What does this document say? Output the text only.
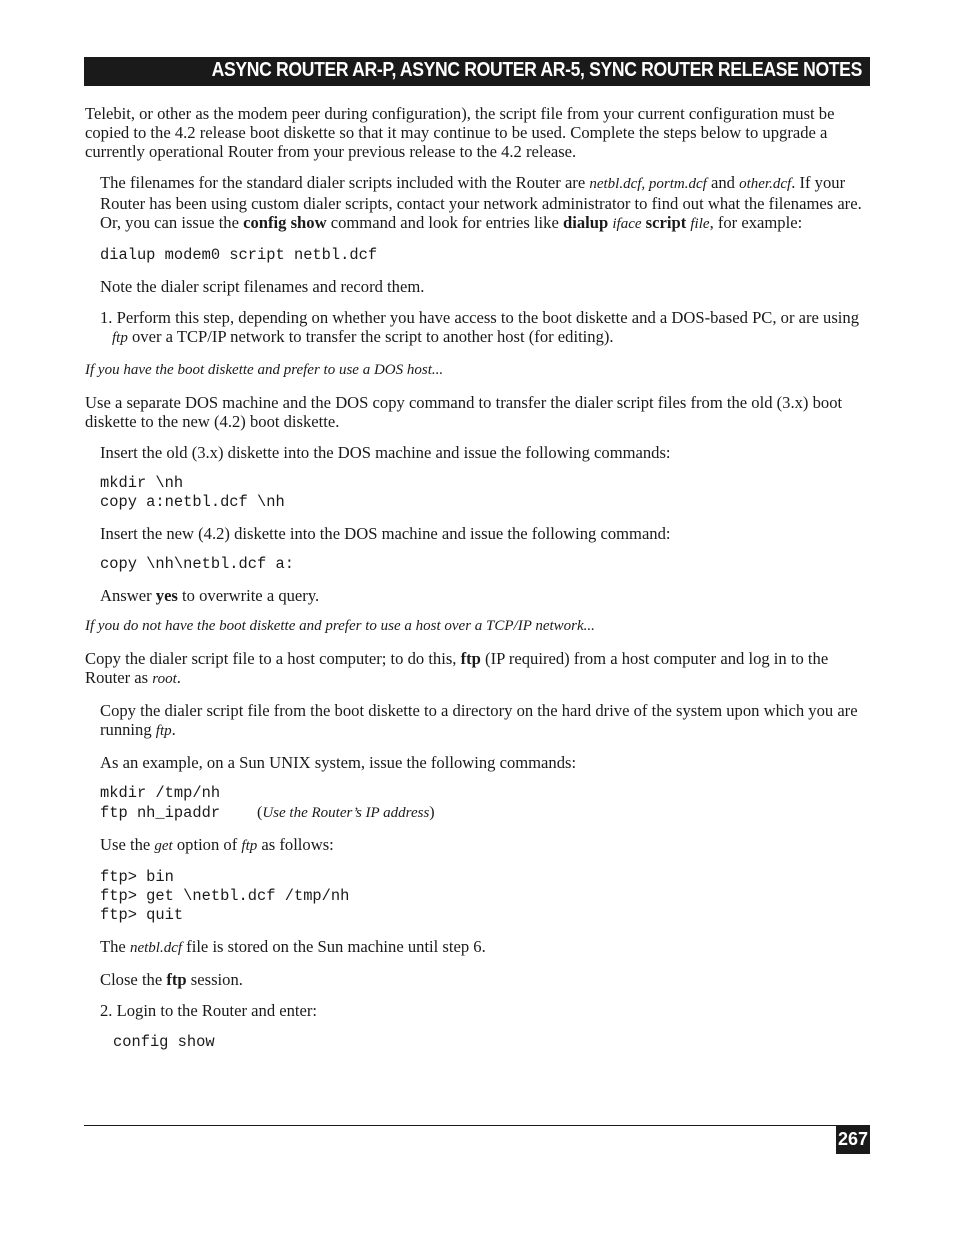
ASYNC ROUTER AR-P, ASYNC ROUTER AR-5, SYNC ROUTER RELEASE NOTES

Telebit, or other as the modem peer during configuration), the script file from your current configuration must be copied to the 4.2 release boot diskette so that it may continue to be used. Complete the steps below to upgrade a currently operational Router from your previous release to the 4.2 release.

The filenames for the standard dialer scripts included with the Router are netbl.dcf, portm.dcf and other.dcf. If your Router has been using custom dialer scripts, contact your network administrator to find out what the filenames are. Or, you can issue the config show command and look for entries like dialup iface script file, for example:

dialup modem0 script netbl.dcf

Note the dialer script filenames and record them.

1. Perform this step, depending on whether you have access to the boot diskette and a DOS-based PC, or are using ftp over a TCP/IP network to transfer the script to another host (for editing).

If you have the boot diskette and prefer to use a DOS host...

Use a separate DOS machine and the DOS copy command to transfer the dialer script files from the old (3.x) boot diskette to the new (4.2) boot diskette.

Insert the old (3.x) diskette into the DOS machine and issue the following commands:

mkdir \nh
copy a:netbl.dcf \nh

Insert the new (4.2) diskette into the DOS machine and issue the following command:

copy \nh\netbl.dcf a:

Answer yes to overwrite a query.

If you do not have the boot diskette and prefer to use a host over a TCP/IP network...

Copy the dialer script file to a host computer; to do this, ftp (IP required) from a host computer and log in to the Router as root.

Copy the dialer script file from the boot diskette to a directory on the hard drive of the system upon which you are running ftp.

As an example, on a Sun UNIX system, issue the following commands:

mkdir /tmp/nh
ftp nh_ipaddr    (Use the Router’s IP address)

Use the get option of ftp as follows:

ftp> bin
ftp> get \netbl.dcf /tmp/nh
ftp> quit

The netbl.dcf file is stored on the Sun machine until step 6.

Close the ftp session.

2. Login to the Router and enter:

config show
267
